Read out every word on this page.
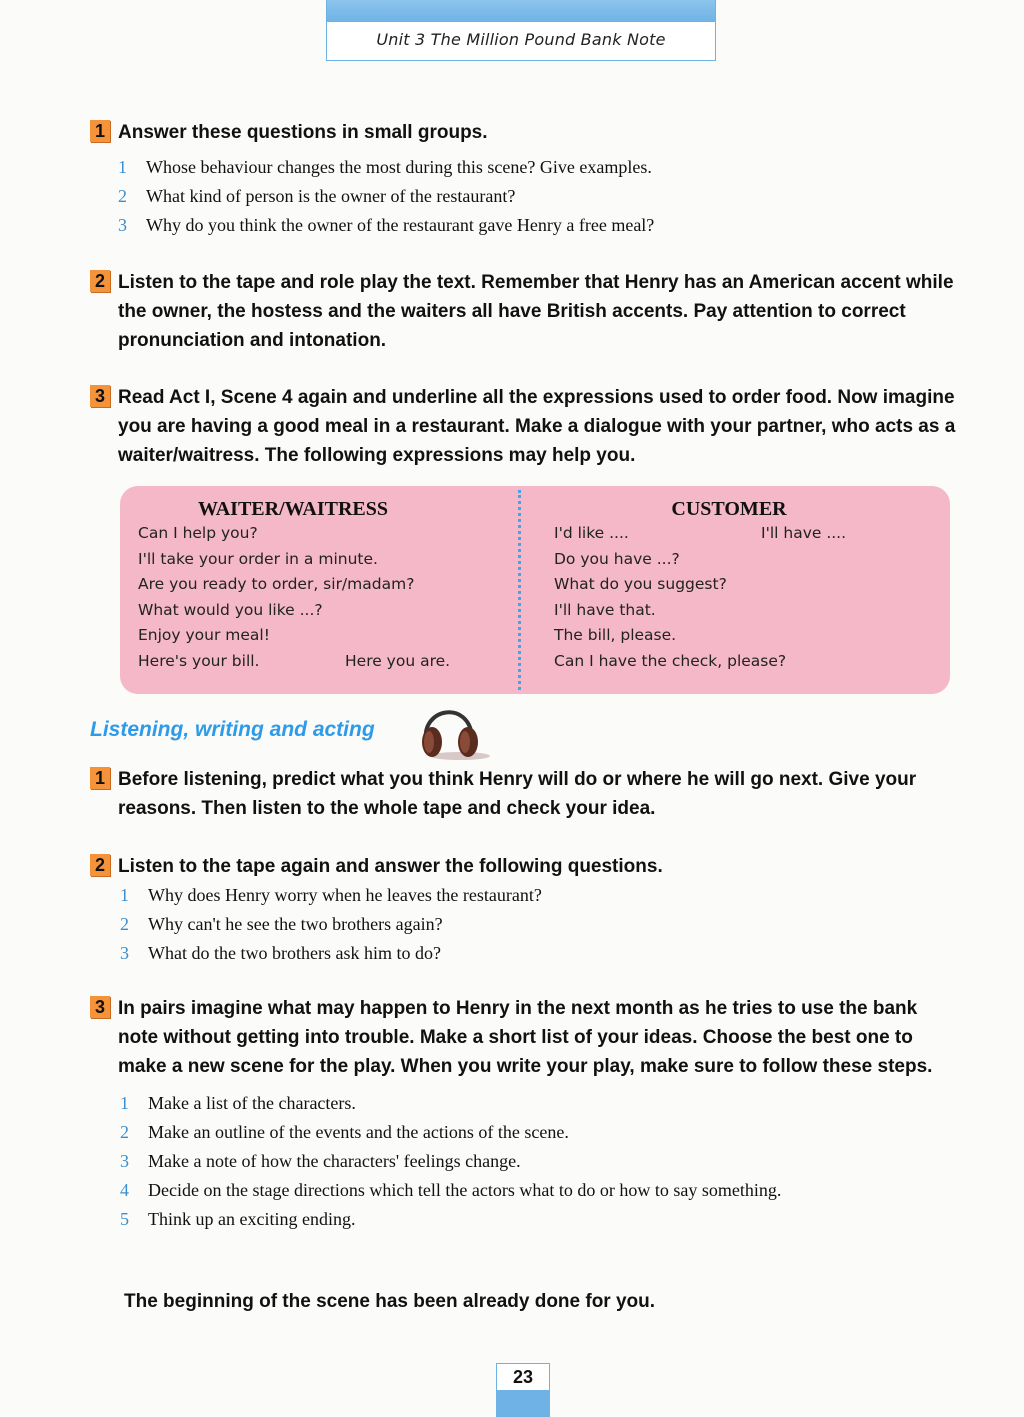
Unit 3 The Million Pound Bank Note
1 Answer these questions in small groups.
1	Whose behaviour changes the most during this scene? Give examples.
2	What kind of person is the owner of the restaurant?
3	Why do you think the owner of the restaurant gave Henry a free meal?
2 Listen to the tape and role play the text. Remember that Henry has an American accent while the owner, the hostess and the waiters all have British accents. Pay attention to correct pronunciation and intonation.
3 Read Act I, Scene 4 again and underline all the expressions used to order food. Now imagine you are having a good meal in a restaurant. Make a dialogue with your partner, who acts as a waiter/waitress. The following expressions may help you.
WAITER/WAITRESS
Can I help you?
I'll take your order in a minute.
Are you ready to order, sir/madam?
What would you like ...?
Enjoy your meal!
Here's your bill.	Here you are.
CUSTOMER
I'd like ....	I'll have ....
Do you have ...?
What do you suggest?
I'll have that.
The bill, please.
Can I have the check, please?
Listening, writing and acting
1 Before listening, predict what you think Henry will do or where he will go next. Give your reasons. Then listen to the whole tape and check your idea.
2 Listen to the tape again and answer the following questions.
1	Why does Henry worry when he leaves the restaurant?
2	Why can't he see the two brothers again?
3	What do the two brothers ask him to do?
3 In pairs imagine what may happen to Henry in the next month as he tries to use the bank note without getting into trouble. Make a short list of your ideas. Choose the best one to make a new scene for the play. When you write your play, make sure to follow these steps.
1	Make a list of the characters.
2	Make an outline of the events and the actions of the scene.
3	Make a note of how the characters' feelings change.
4	Decide on the stage directions which tell the actors what to do or how to say something.
5	Think up an exciting ending.
The beginning of the scene has been already done for you.
23
